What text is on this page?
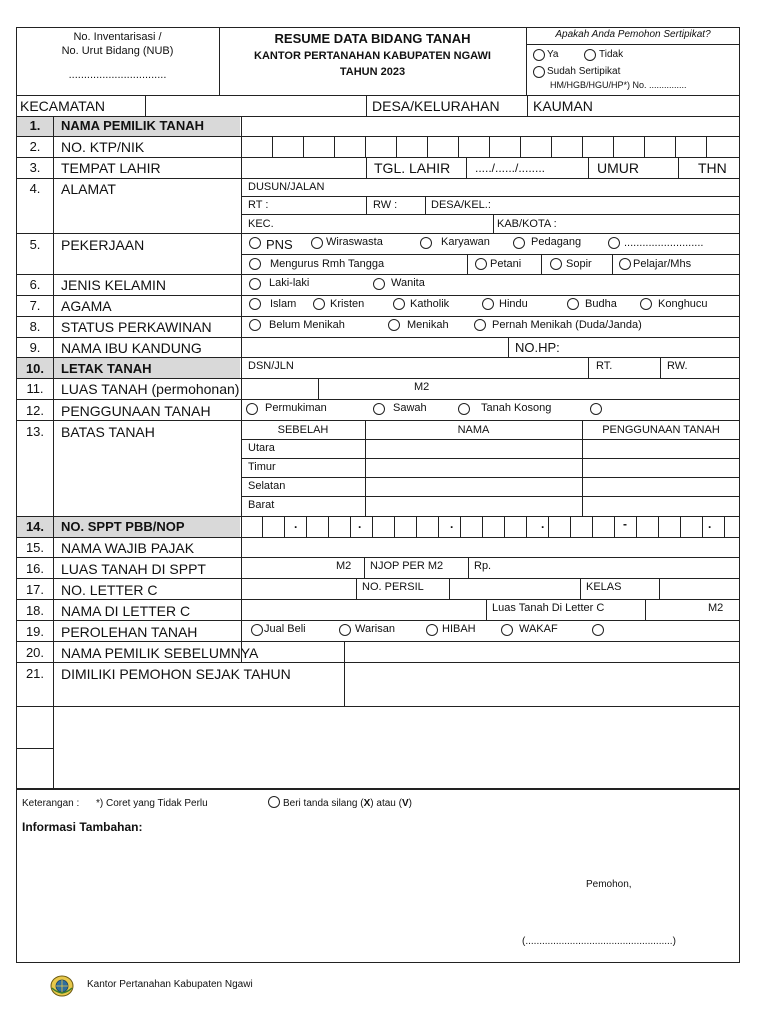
No. Inventarisasi /
No. Urut Bidang (NUB)
................................
RESUME DATA BIDANG TANAH
KANTOR PERTANAHAN KABUPATEN NGAWI
TAHUN 2023
Apakah Anda Pemohon Sertipikat?
Ya	Tidak
Sudah Sertipikat
HM/HGB/HGU/HP*) No. ...............
KECAMATAN	DESA/KELURAHAN KAUMAN
1.	NAMA PEMILIK TANAH
2.	NO. KTP/NIK
3.	TEMPAT LAHIR	TGL. LAHIR ...../....../........	UMUR	THN
4.	ALAMAT	DUSUN/JALAN
RT :	RW :	DESA/KEL.:
KEC.	KAB/KOTA :
5.	PEKERJAAN	PNS	Wiraswasta	Karyawan	Pedagang	..........................
Mengurus Rmh Tangga	Petani	Sopir	Pelajar/Mhs
6.	JENIS KELAMIN	Laki-laki	Wanita
7.	AGAMA	Islam	Kristen	Katholik	Hindu	Budha	Konghucu
8.	STATUS PERKAWINAN	Belum Menikah	Menikah	Pernah Menikah (Duda/Janda)
9.	NAMA IBU KANDUNG	NO.HP:
10.	LETAK TANAH	DSN/JLN	RT.	RW.
11.	LUAS TANAH (permohonan)	M2
12.	PENGGUNAAN TANAH	Permukiman	Sawah	Tanah Kosong
13.	BATAS TANAH	SEBELAH	NAMA	PENGGUNAAN TANAH
Utara
Timur
Selatan
Barat
14.	NO. SPPT PBB/NOP	.	.	.	.	-	.
15.	NAMA WAJIB PAJAK
16.	LUAS TANAH DI SPPT	M2 NJOP PER M2	Rp.
17.	NO. LETTER C	NO. PERSIL	KELAS
18.	NAMA DI LETTER C	Luas Tanah Di Letter C	M2
19.	PEROLEHAN TANAH	Jual Beli	Warisan	HIBAH	WAKAF
20.	NAMA PEMILIK SEBELUMNYA
21.	DIMILIKI PEMOHON SEJAK TAHUN
Keterangan : *) Coret yang Tidak Perlu	Beri tanda silang (X) atau (V)
Informasi Tambahan:
Pemohon,
(.....................................................)
Kantor Pertanahan Kabupaten Ngawi
